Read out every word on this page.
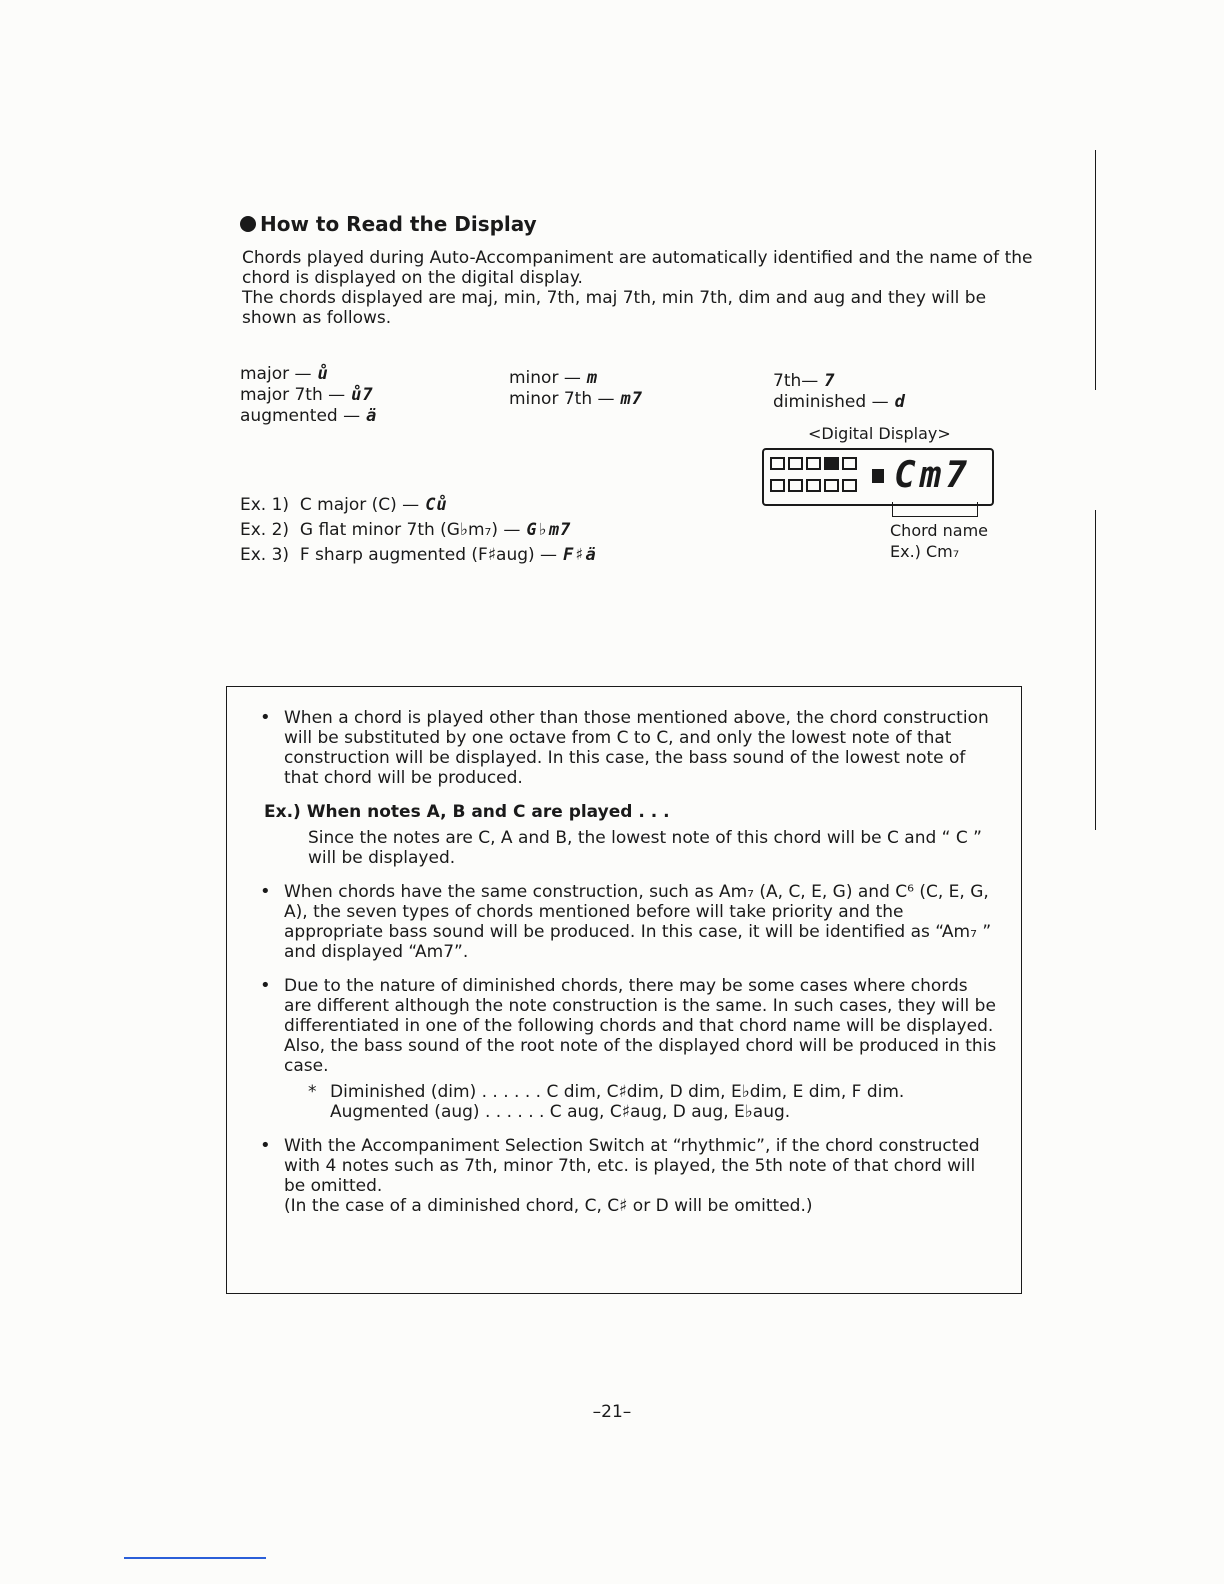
How to Read the Display

Chords played during Auto-Accompaniment are automatically identified and the name of the chord is displayed on the digital display.

The chords displayed are maj, min, 7th, maj 7th, min 7th, dim and aug and they will be shown as follows.

major — ů
major 7th — ů7
augmented — ä
minor — m
minor 7th — m7
7th— 7
diminished — d
Ex. 1) C major (C) — Ců
Ex. 2) G flat minor 7th (G♭m₇) — G♭m7
Ex. 3) F sharp augmented (F♯aug) — F♯ä
<Digital Display>
Cm7
Chord name
Ex.) Cm₇

• When a chord is played other than those mentioned above, the chord construction will be substituted by one octave from C to C, and only the lowest note of that construction will be displayed. In this case, the bass sound of the lowest note of that chord will be produced.

Ex.) When notes A, B and C are played . . .
Since the notes are C, A and B, the lowest note of this chord will be C and “ C ” will be displayed.

• When chords have the same construction, such as Am₇ (A, C, E, G) and C⁶ (C, E, G, A), the seven types of chords mentioned before will take priority and the appropriate bass sound will be produced. In this case, it will be identified as “Am₇ ” and displayed “Am7”.

• Due to the nature of diminished chords, there may be some cases where chords are different although the note construction is the same. In such cases, they will be differentiated in one of the following chords and that chord name will be displayed.

Also, the bass sound of the root note of the displayed chord will be produced in this case.

* Diminished (dim) . . . . . . C dim, C♯dim, D dim, E♭dim, E dim, F dim.

Augmented (aug) . . . . . . C aug, C♯aug, D aug, E♭aug.

• With the Accompaniment Selection Switch at “rhythmic”, if the chord constructed with 4 notes such as 7th, minor 7th, etc. is played, the 5th note of that chord will be omitted.

(In the case of a diminished chord, C, C♯ or D will be omitted.)

–21–
